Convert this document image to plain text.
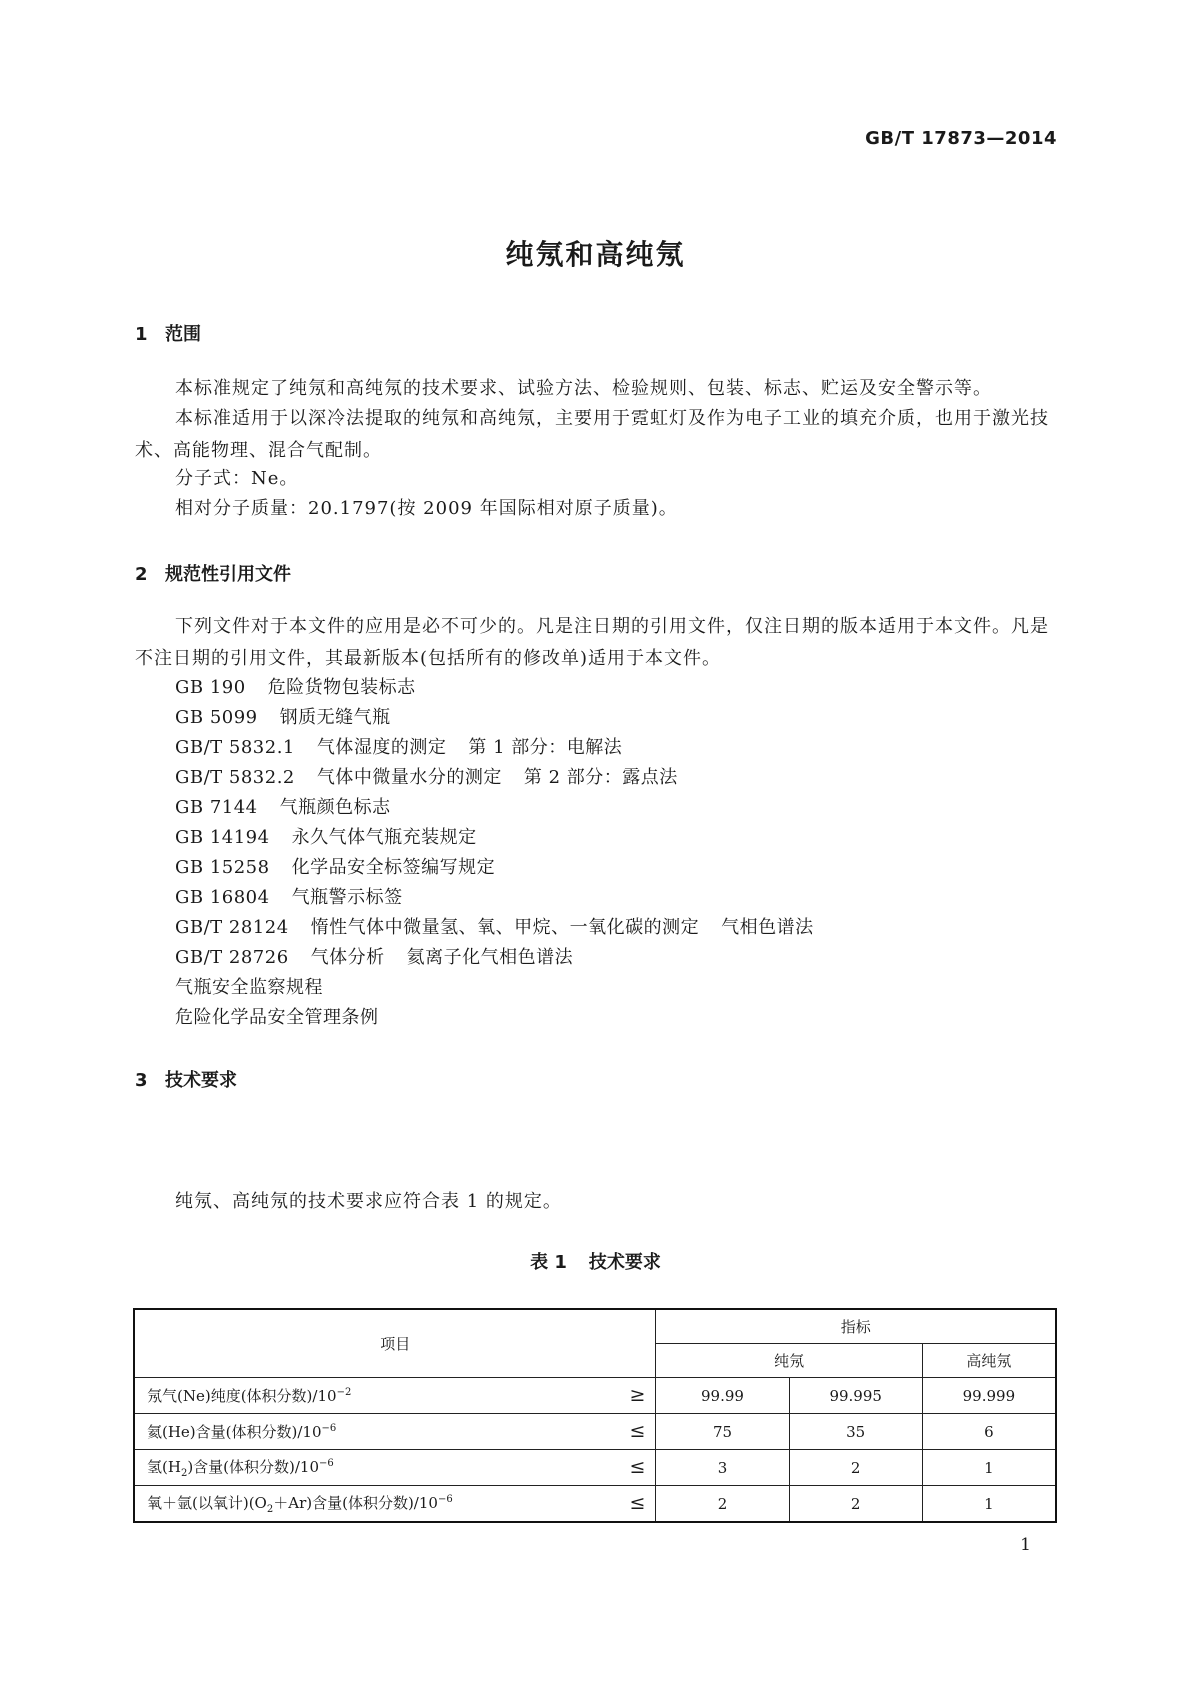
GB/T 17873—2014
纯氖和高纯氖
1 范围
本标准规定了纯氖和高纯氖的技术要求、试验方法、检验规则、包装、标志、贮运及安全警示等。
本标准适用于以深冷法提取的纯氖和高纯氖，主要用于霓虹灯及作为电子工业的填充介质，也用于激光技术、高能物理、混合气配制。
分子式：Ne。
相对分子质量：20.1797(按 2009 年国际相对原子质量)。
2 规范性引用文件
下列文件对于本文件的应用是必不可少的。凡是注日期的引用文件，仅注日期的版本适用于本文件。凡是不注日期的引用文件，其最新版本(包括所有的修改单)适用于本文件。
GB 190 危险货物包装标志
GB 5099 钢质无缝气瓶
GB/T 5832.1 气体湿度的测定 第 1 部分：电解法
GB/T 5832.2 气体中微量水分的测定 第 2 部分：露点法
GB 7144 气瓶颜色标志
GB 14194 永久气体气瓶充装规定
GB 15258 化学品安全标签编写规定
GB 16804 气瓶警示标签
GB/T 28124 惰性气体中微量氢、氧、甲烷、一氧化碳的测定 气相色谱法
GB/T 28726 气体分析 氦离子化气相色谱法
气瓶安全监察规程
危险化学品安全管理条例
3 技术要求
纯氖、高纯氖的技术要求应符合表 1 的规定。
表 1 技术要求
项目	指标		
	纯氖		高纯氖
氖气(Ne)纯度(体积分数)$/10^{-2}$ ≥	99.99	99.995	99.999
氦(He)含量(体积分数)$/10^{-6}$ ≤	75	35	6
氢$(H_2)$含量(体积分数)$/10^{-6}$ ≤	3	2	1
氧＋氩(以氧计)$(O_2+Ar)$含量(体积分数)$/10^{-6}$ ≤	2	2	1
1
